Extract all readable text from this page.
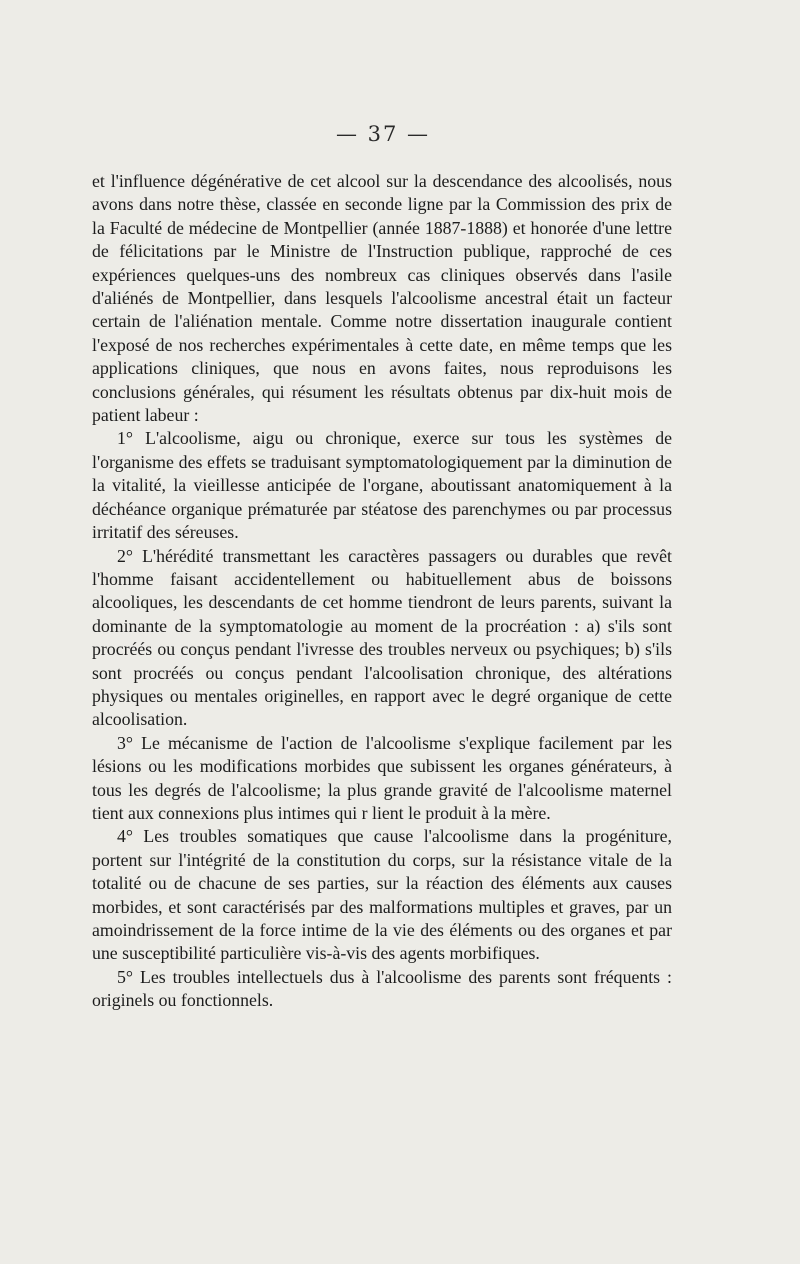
— 37 —

et l'influence dégénérative de cet alcool sur la descendance des alcoolisés, nous avons dans notre thèse, classée en seconde ligne par la Commission des prix de la Faculté de médecine de Montpellier (année 1887-1888) et honorée d'une lettre de félicitations par le Ministre de l'Instruction publique, rapproché de ces expériences quelques-uns des nombreux cas cliniques observés dans l'asile d'aliénés de Montpellier, dans lesquels l'alcoolisme ancestral était un facteur certain de l'aliénation mentale. Comme notre dissertation inaugurale contient l'exposé de nos recherches expérimentales à cette date, en même temps que les applications cliniques, que nous en avons faites, nous reproduisons les conclusions générales, qui résument les résultats obtenus par dix-huit mois de patient labeur :

1° L'alcoolisme, aigu ou chronique, exerce sur tous les systèmes de l'organisme des effets se traduisant symptomatologiquement par la diminution de la vitalité, la vieillesse anticipée de l'organe, aboutissant anatomiquement à la déchéance organique prématurée par stéatose des parenchymes ou par processus irritatif des séreuses.

2° L'hérédité transmettant les caractères passagers ou durables que revêt l'homme faisant accidentellement ou habituellement abus de boissons alcooliques, les descendants de cet homme tiendront de leurs parents, suivant la dominante de la symptomatologie au moment de la procréation : a) s'ils sont procréés ou conçus pendant l'ivresse des troubles nerveux ou psychiques; b) s'ils sont procréés ou conçus pendant l'alcoolisation chronique, des altérations physiques ou mentales originelles, en rapport avec le degré organique de cette alcoolisation.

3° Le mécanisme de l'action de l'alcoolisme s'explique facilement par les lésions ou les modifications morbides que subissent les organes générateurs, à tous les degrés de l'alcoolisme; la plus grande gravité de l'alcoolisme maternel tient aux connexions plus intimes qui r lient le produit à la mère.

4° Les troubles somatiques que cause l'alcoolisme dans la progéniture, portent sur l'intégrité de la constitution du corps, sur la résistance vitale de la totalité ou de chacune de ses parties, sur la réaction des éléments aux causes morbides, et sont caractérisés par des malformations multiples et graves, par un amoindrissement de la force intime de la vie des éléments ou des organes et par une susceptibilité particulière vis-à-vis des agents morbifiques.

5° Les troubles intellectuels dus à l'alcoolisme des parents sont fréquents : originels ou fonctionnels.
